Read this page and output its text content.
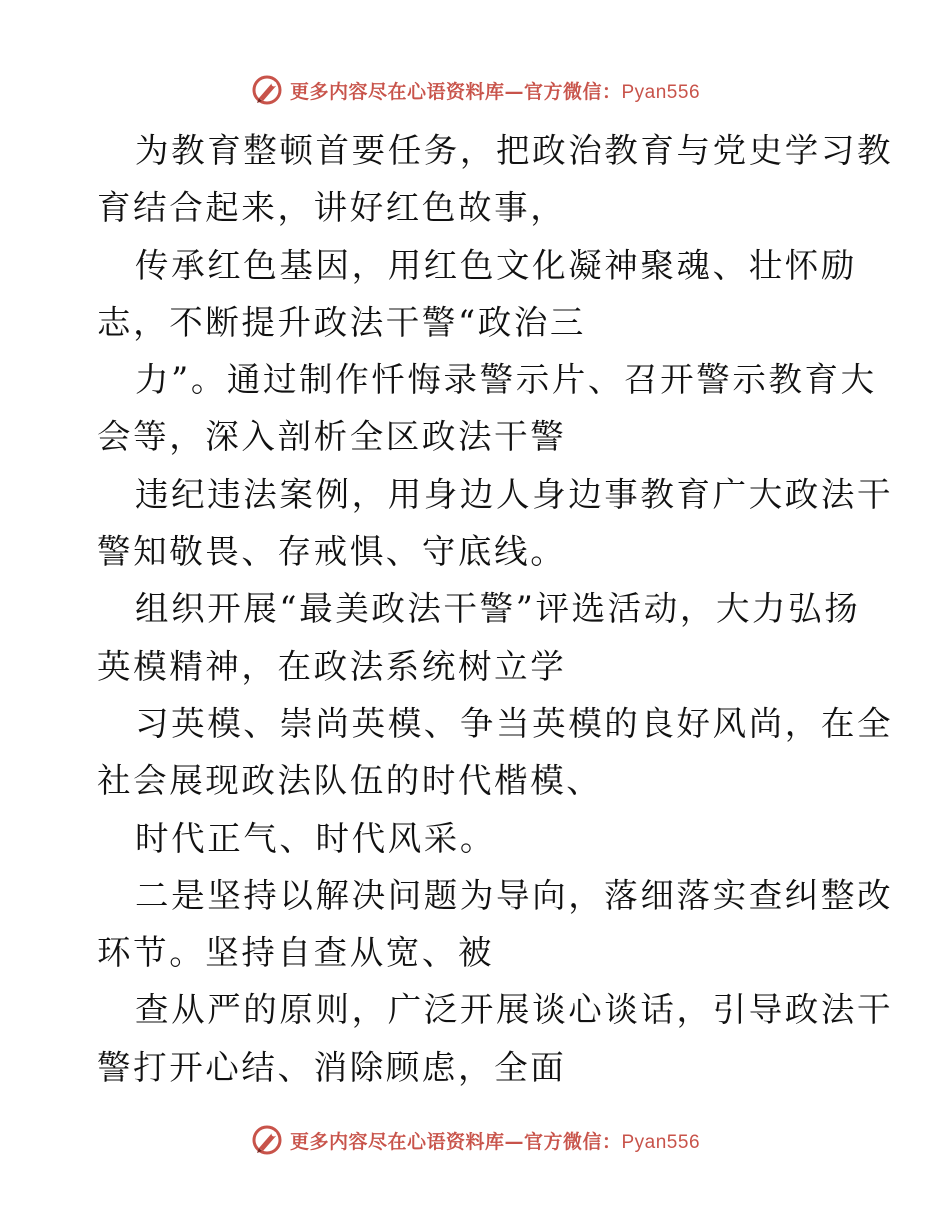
更多内容尽在心语资料库—官方微信：Pyan556
为教育整顿首要任务，把政治教育与党史学习教
育结合起来，讲好红色故事，
传承红色基因，用红色文化凝神聚魂、壮怀励
志，不断提升政法干警“政治三
力”。通过制作忏悔录警示片、召开警示教育大
会等，深入剖析全区政法干警
违纪违法案例，用身边人身边事教育广大政法干
警知敬畏、存戒惧、守底线。
组织开展“最美政法干警”评选活动，大力弘扬
英模精神，在政法系统树立学
习英模、崇尚英模、争当英模的良好风尚，在全
社会展现政法队伍的时代楷模、
时代正气、时代风采。
二是坚持以解决问题为导向，落细落实查纠整改
环节。坚持自查从宽、被
查从严的原则，广泛开展谈心谈话，引导政法干
警打开心结、消除顾虑，全面
更多内容尽在心语资料库—官方微信：Pyan556
